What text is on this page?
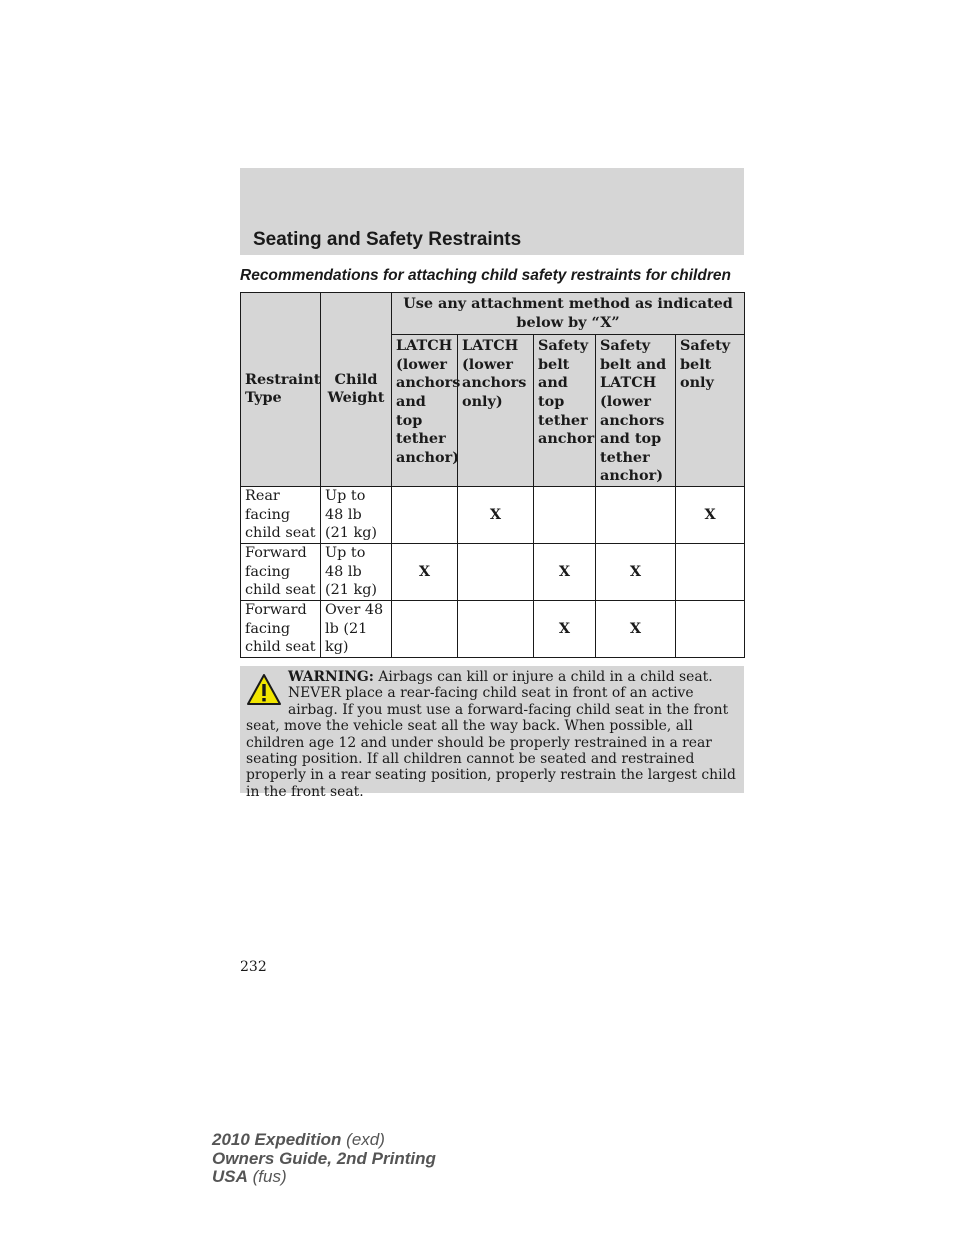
Seating and Safety Restraints

Recommendations for attaching child safety restraints for children

Restraint Type	Child Weight	Use any attachment method as indicated below by “X”				
		LATCH (lower anchors and top tether anchor)	LATCH (lower anchors only)	Safety belt and top tether anchor	Safety belt and LATCH (lower anchors and top tether anchor)	Safety belt only
Rear facing child seat	Up to 48 lb (21 kg)		X			X
Forward facing child seat	Up to 48 lb (21 kg)	X		X	X	
Forward facing child seat	Over 48 lb (21 kg)			X	X	
WARNING: Airbags can kill or injure a child in a child seat. NEVER place a rear-facing child seat in front of an active airbag. If you must use a forward-facing child seat in the front seat, move the vehicle seat all the way back. When possible, all children age 12 and under should be properly restrained in a rear seating position. If all children cannot be seated and restrained properly in a rear seating position, properly restrain the largest child in the front seat.
232
2010 Expedition (exd)
Owners Guide, 2nd Printing
USA (fus)
